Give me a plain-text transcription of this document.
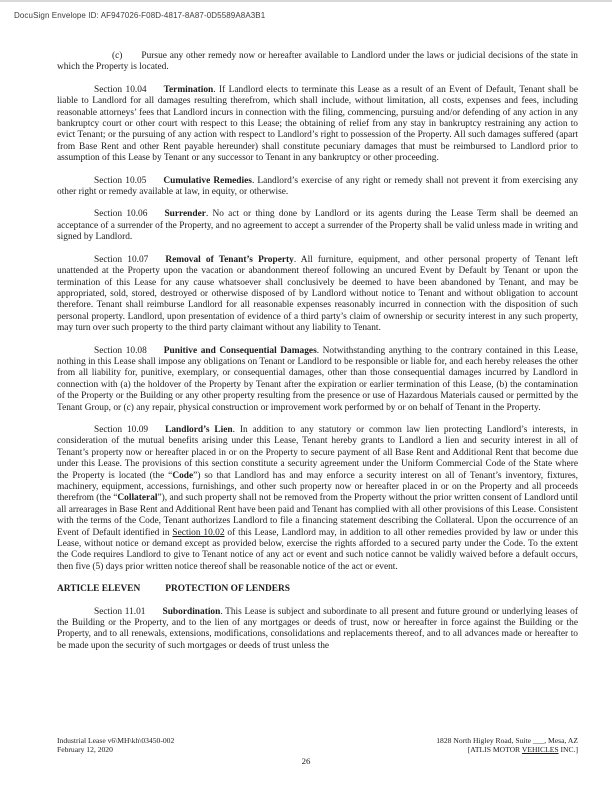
DocuSign Envelope ID: AF947026-F08D-4817-8A87-0D5589A8A3B1

(c) Pursue any other remedy now or hereafter available to Landlord under the laws or judicial decisions of the state in which the Property is located.

Section 10.04 Termination. If Landlord elects to terminate this Lease as a result of an Event of Default, Tenant shall be liable to Landlord for all damages resulting therefrom, which shall include, without limitation, all costs, expenses and fees, including reasonable attorneys’ fees that Landlord incurs in connection with the filing, commencing, pursuing and/or defending of any action in any bankruptcy court or other court with respect to this Lease; the obtaining of relief from any stay in bankruptcy restraining any action to evict Tenant; or the pursuing of any action with respect to Landlord’s right to possession of the Property. All such damages suffered (apart from Base Rent and other Rent payable hereunder) shall constitute pecuniary damages that must be reimbursed to Landlord prior to assumption of this Lease by Tenant or any successor to Tenant in any bankruptcy or other proceeding.

Section 10.05 Cumulative Remedies. Landlord’s exercise of any right or remedy shall not prevent it from exercising any other right or remedy available at law, in equity, or otherwise.

Section 10.06 Surrender. No act or thing done by Landlord or its agents during the Lease Term shall be deemed an acceptance of a surrender of the Property, and no agreement to accept a surrender of the Property shall be valid unless made in writing and signed by Landlord.

Section 10.07 Removal of Tenant’s Property. All furniture, equipment, and other personal property of Tenant left unattended at the Property upon the vacation or abandonment thereof following an uncured Event by Default by Tenant or upon the termination of this Lease for any cause whatsoever shall conclusively be deemed to have been abandoned by Tenant, and may be appropriated, sold, stored, destroyed or otherwise disposed of by Landlord without notice to Tenant and without obligation to account therefore. Tenant shall reimburse Landlord for all reasonable expenses reasonably incurred in connection with the disposition of such personal property. Landlord, upon presentation of evidence of a third party’s claim of ownership or security interest in any such property, may turn over such property to the third party claimant without any liability to Tenant.

Section 10.08 Punitive and Consequential Damages. Notwithstanding anything to the contrary contained in this Lease, nothing in this Lease shall impose any obligations on Tenant or Landlord to be responsible or liable for, and each hereby releases the other from all liability for, punitive, exemplary, or consequential damages, other than those consequential damages incurred by Landlord in connection with (a) the holdover of the Property by Tenant after the expiration or earlier termination of this Lease, (b) the contamination of the Property or the Building or any other property resulting from the presence or use of Hazardous Materials caused or permitted by the Tenant Group, or (c) any repair, physical construction or improvement work performed by or on behalf of Tenant in the Property.

Section 10.09 Landlord’s Lien. In addition to any statutory or common law lien protecting Landlord’s interests, in consideration of the mutual benefits arising under this Lease, Tenant hereby grants to Landlord a lien and security interest in all of Tenant’s property now or hereafter placed in or on the Property to secure payment of all Base Rent and Additional Rent that become due under this Lease. The provisions of this section constitute a security agreement under the Uniform Commercial Code of the State where the Property is located (the “Code”) so that Landlord has and may enforce a security interest on all of Tenant’s inventory, fixtures, machinery, equipment, accessions, furnishings, and other such property now or hereafter placed in or on the Property and all proceeds therefrom (the “Collateral”), and such property shall not be removed from the Property without the prior written consent of Landlord until all arrearages in Base Rent and Additional Rent have been paid and Tenant has complied with all other provisions of this Lease. Consistent with the terms of the Code, Tenant authorizes Landlord to file a financing statement describing the Collateral. Upon the occurrence of an Event of Default identified in Section 10.02 of this Lease, Landlord may, in addition to all other remedies provided by law or under this Lease, without notice or demand except as provided below, exercise the rights afforded to a secured party under the Code. To the extent the Code requires Landlord to give to Tenant notice of any act or event and such notice cannot be validly waived before a default occurs, then five (5) days prior written notice thereof shall be reasonable notice of the act or event.

ARTICLE ELEVEN	PROTECTION OF LENDERS

Section 11.01 Subordination. This Lease is subject and subordinate to all present and future ground or underlying leases of the Building or the Property, and to the lien of any mortgages or deeds of trust, now or hereafter in force against the Building or the Property, and to all renewals, extensions, modifications, consolidations and replacements thereof, and to all advances made or hereafter to be made upon the security of such mortgages or deeds of trust unless the

Industrial Lease v6\MH\kh\03450-002
February 12, 2020
1828 North Higley Road, Suite ___, Mesa, AZ
[ATLIS MOTOR VEHICLES INC.]
26
